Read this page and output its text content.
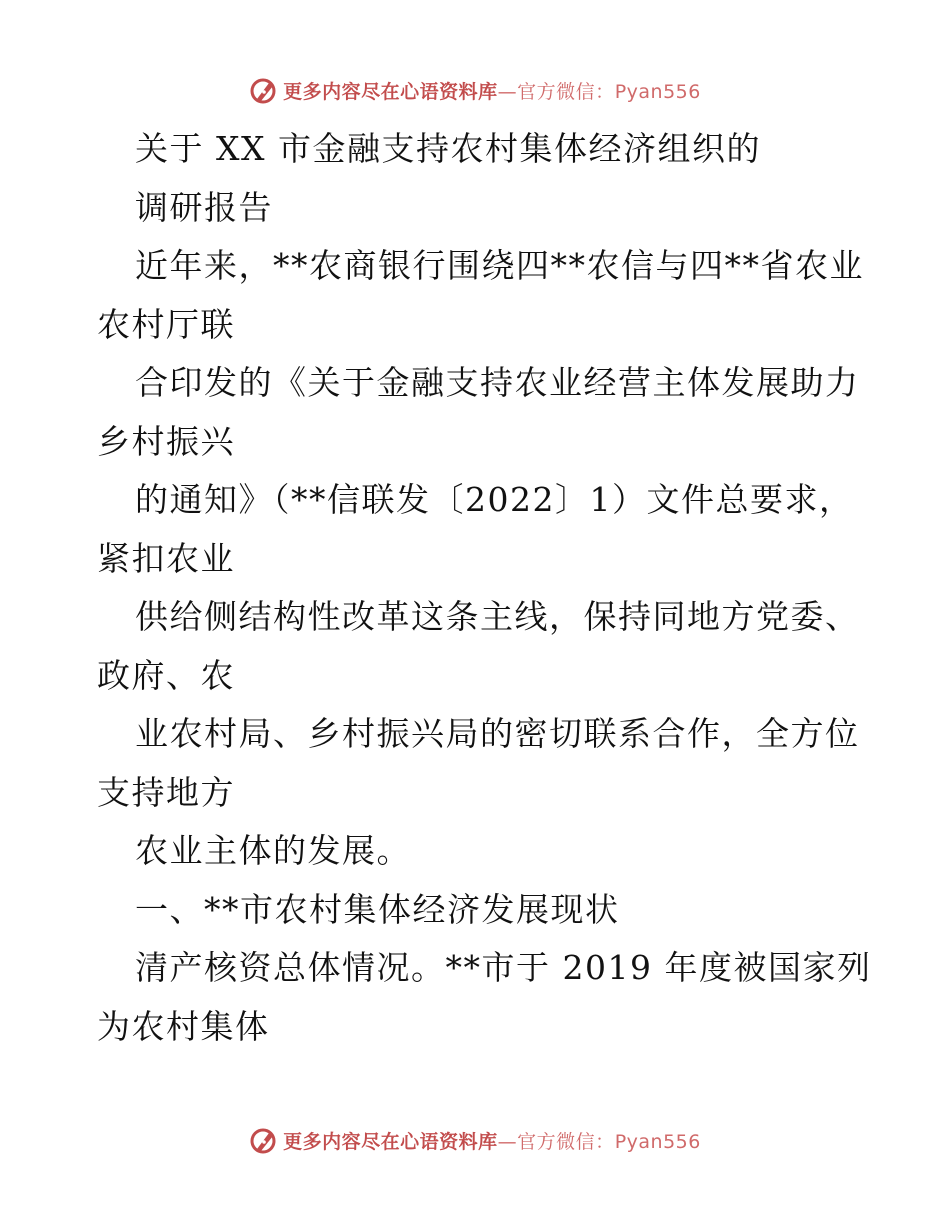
更多内容尽在心语资料库—官方微信：Pyan556
关于 XX 市金融支持农村集体经济组织的
调研报告
近年来，**农商银行围绕四**农信与四**省农业
农村厅联
合印发的《关于金融支持农业经营主体发展助力
乡村振兴
的通知》（**信联发〔2022〕1）文件总要求，
紧扣农业
供给侧结构性改革这条主线，保持同地方党委、
政府、农
业农村局、乡村振兴局的密切联系合作，全方位
支持地方
农业主体的发展。
一、**市农村集体经济发展现状
清产核资总体情况。**市于 2019 年度被国家列
为农村集体
更多内容尽在心语资料库—官方微信：Pyan556
